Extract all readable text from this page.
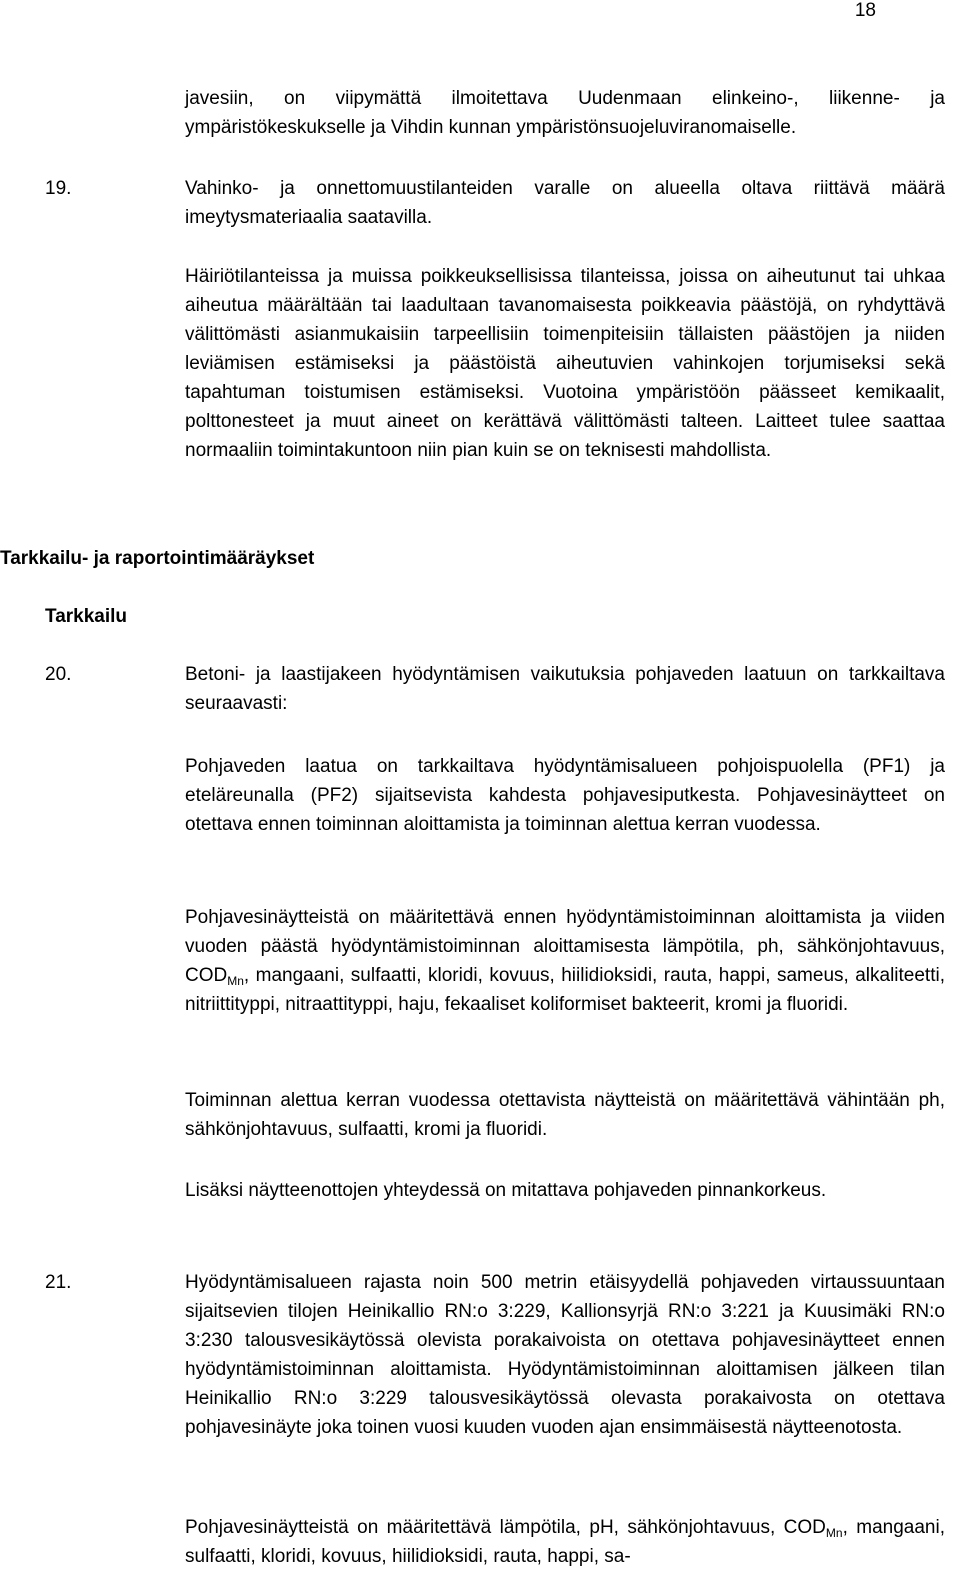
18
javesiin, on viipymättä ilmoitettava Uudenmaan elinkeino-, liikenne- ja ympäristökeskukselle ja Vihdin kunnan ympäristönsuojeluviranomaiselle.
19.	Vahinko- ja onnettomuustilanteiden varalle on alueella oltava riittävä määrä imeytysmateriaalia saatavilla.
Häiriötilanteissa ja muissa poikkeuksellisissa tilanteissa, joissa on aiheutunut tai uhkaa aiheutua määrältään tai laadultaan tavanomaisesta poikkeavia päästöjä, on ryhdyttävä välittömästi asianmukaisiin tarpeellisiin toimenpiteisiin tällaisten päästöjen ja niiden leviämisen estämiseksi ja päästöistä aiheutuvien vahinkojen torjumiseksi sekä tapahtuman toistumisen estämiseksi. Vuotoina ympäristöön päässeet kemikaalit, polttonesteet ja muut aineet on kerättävä välittömästi talteen. Laitteet tulee saattaa normaaliin toimintakuntoon niin pian kuin se on teknisesti mahdollista.
Tarkkailu- ja raportointimääräykset
Tarkkailu
20.	Betoni- ja laastijakeen hyödyntämisen vaikutuksia pohjaveden laatuun on tarkkailtava seuraavasti:
Pohjaveden laatua on tarkkailtava hyödyntämisalueen pohjoispuolella (PF1) ja eteläreunalla (PF2) sijaitsevista kahdesta pohjavesiputkesta. Pohjavesinäytteet on otettava ennen toiminnan aloittamista ja toiminnan alettua kerran vuodessa.
Pohjavesinäytteistä on määritettävä ennen hyödyntämistoiminnan aloittamista ja viiden vuoden päästä hyödyntämistoiminnan aloittamisesta lämpötila, ph, sähkönjohtavuus, $COD_{Mn}$, mangaani, sulfaatti, kloridi, kovuus, hiilidioksidi, rauta, happi, sameus, alkaliteetti, nitriittityppi, nitraattityppi, haju, fekaaliset koliformiset bakteerit, kromi ja fluoridi.
Toiminnan alettua kerran vuodessa otettavista näytteistä on määritettävä vähintään ph, sähkönjohtavuus, sulfaatti, kromi ja fluoridi.
Lisäksi näytteenottojen yhteydessä on mitattava pohjaveden pinnankorkeus.
21.	Hyödyntämisalueen rajasta noin 500 metrin etäisyydellä pohjaveden virtaussuuntaan sijaitsevien tilojen Heinikallio RN:o 3:229, Kallionsyrjä RN:o 3:221 ja Kuusimäki RN:o 3:230 talousvesikäytössä olevista porakaivoista on otettava pohjavesinäytteet ennen hyödyntämistoiminnan aloittamista. Hyödyntämistoiminnan aloittamisen jälkeen tilan Heinikallio RN:o 3:229 talousvesikäytössä olevasta porakaivosta on otettava pohjavesinäyte joka toinen vuosi kuuden vuoden ajan ensimmäisestä näytteenotosta.
Pohjavesinäytteistä on määritettävä lämpötila, pH, sähkönjohtavuus, $COD_{Mn}$, mangaani, sulfaatti, kloridi, kovuus, hiilidioksidi, rauta, happi, sa-
